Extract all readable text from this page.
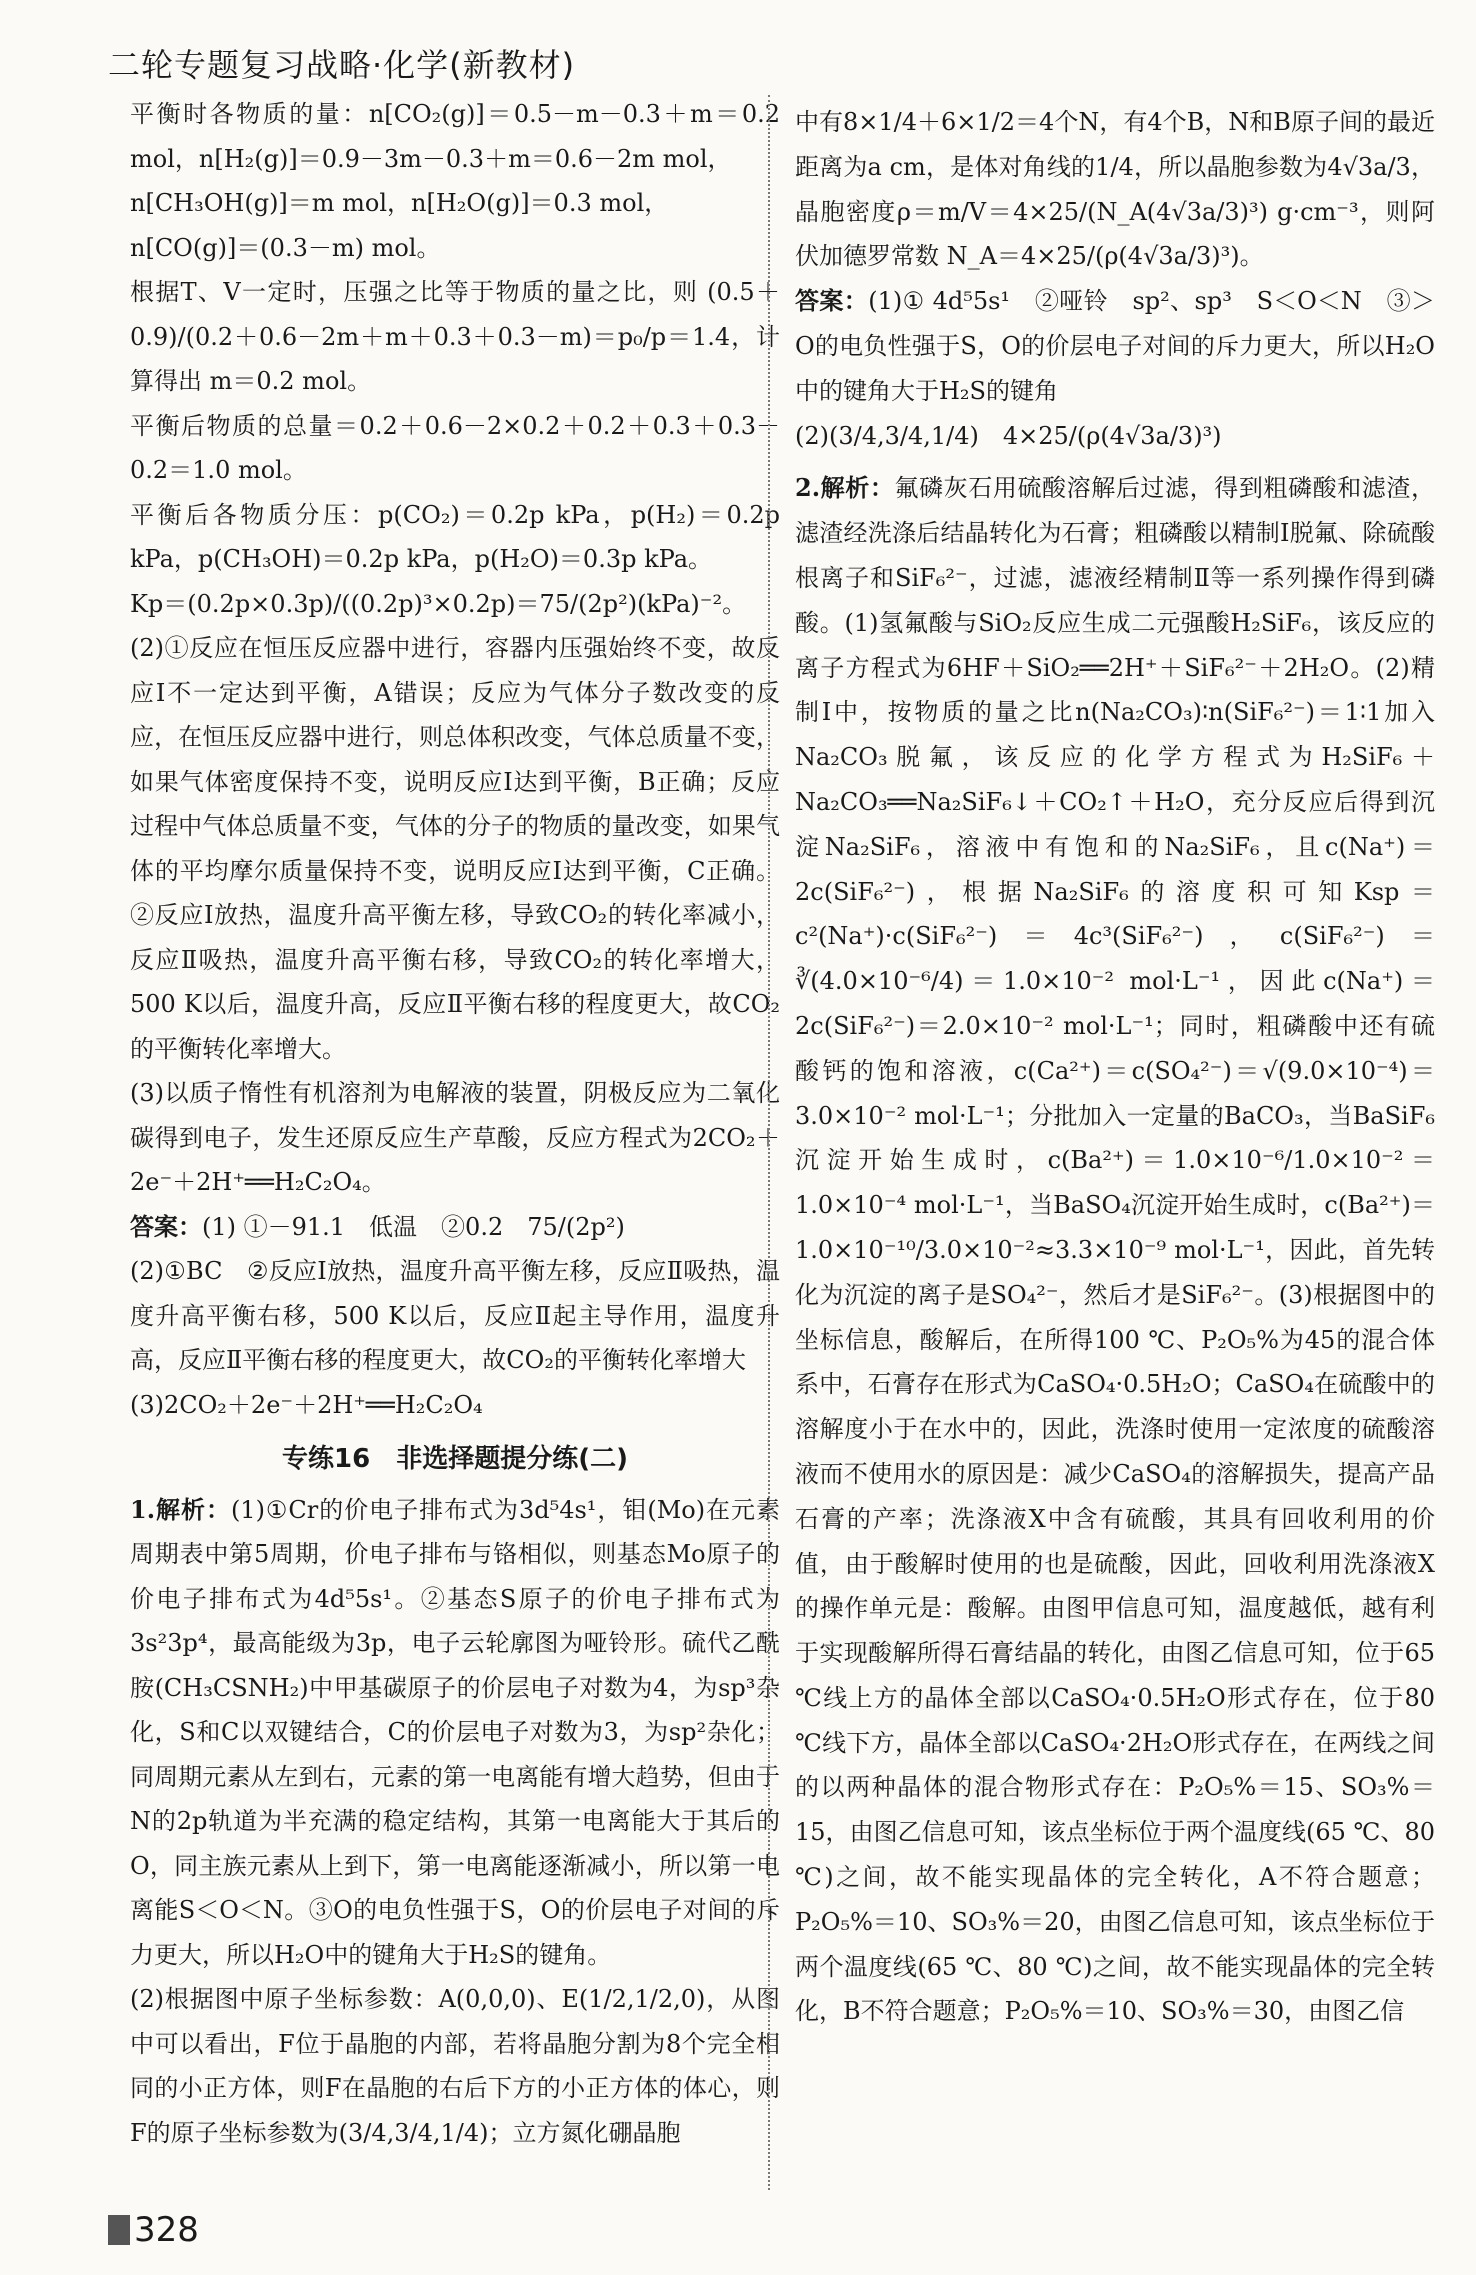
二轮专题复习战略·化学(新教材)

平衡时各物质的量：n[CO₂(g)]＝0.5－m－0.3＋m＝0.2 mol，n[H₂(g)]＝0.9－3m－0.3＋m＝0.6－2m mol，

n[CH₃OH(g)]＝m mol，n[H₂O(g)]＝0.3 mol，

n[CO(g)]＝(0.3－m) mol。

根据T、V一定时，压强之比等于物质的量之比，则 (0.5＋0.9)/(0.2＋0.6－2m＋m＋0.3＋0.3－m)＝p₀/p＝1.4，计算得出 m＝0.2 mol。

平衡后物质的总量＝0.2＋0.6－2×0.2＋0.2＋0.3＋0.3－0.2＝1.0 mol。

平衡后各物质分压：p(CO₂)＝0.2p kPa，p(H₂)＝0.2p kPa，p(CH₃OH)＝0.2p kPa，p(H₂O)＝0.3p kPa。

Kp＝(0.2p×0.3p)/((0.2p)³×0.2p)＝75/(2p²)(kPa)⁻²。

(2)①反应在恒压反应器中进行，容器内压强始终不变，故反应Ⅰ不一定达到平衡，A错误；反应为气体分子数改变的反应，在恒压反应器中进行，则总体积改变，气体总质量不变，如果气体密度保持不变，说明反应Ⅰ达到平衡，B正确；反应过程中气体总质量不变，气体的分子的物质的量改变，如果气体的平均摩尔质量保持不变，说明反应Ⅰ达到平衡，C正确。②反应Ⅰ放热，温度升高平衡左移，导致CO₂的转化率减小，反应Ⅱ吸热，温度升高平衡右移，导致CO₂的转化率增大，500 K以后，温度升高，反应Ⅱ平衡右移的程度更大，故CO₂的平衡转化率增大。

(3)以质子惰性有机溶剂为电解液的装置，阴极反应为二氧化碳得到电子，发生还原反应生产草酸，反应方程式为2CO₂＋2e⁻＋2H⁺══H₂C₂O₄。

答案：(1) ①－91.1　低温　②0.2　75/(2p²)

(2)①BC　②反应Ⅰ放热，温度升高平衡左移，反应Ⅱ吸热，温度升高平衡右移，500 K以后，反应Ⅱ起主导作用，温度升高，反应Ⅱ平衡右移的程度更大，故CO₂的平衡转化率增大

(3)2CO₂＋2e⁻＋2H⁺══H₂C₂O₄

专练16　非选择题提分练(二)

1.解析：(1)①Cr的价电子排布式为3d⁵4s¹，钼(Mo)在元素周期表中第5周期，价电子排布与铬相似，则基态Mo原子的价电子排布式为4d⁵5s¹。②基态S原子的价电子排布式为3s²3p⁴，最高能级为3p，电子云轮廓图为哑铃形。硫代乙酰胺(CH₃CSNH₂)中甲基碳原子的价层电子对数为4，为sp³杂化，S和C以双键结合，C的价层电子对数为3，为sp²杂化；同周期元素从左到右，元素的第一电离能有增大趋势，但由于N的2p轨道为半充满的稳定结构，其第一电离能大于其后的O，同主族元素从上到下，第一电离能逐渐减小，所以第一电离能S＜O＜N。③O的电负性强于S，O的价层电子对间的斥力更大，所以H₂O中的键角大于H₂S的键角。

(2)根据图中原子坐标参数：A(0,0,0)、E(1/2,1/2,0)，从图中可以看出，F位于晶胞的内部，若将晶胞分割为8个完全相同的小正方体，则F在晶胞的右后下方的小正方体的体心，则F的原子坐标参数为(3/4,3/4,1/4)；立方氮化硼晶胞

中有8×1/4＋6×1/2＝4个N，有4个B，N和B原子间的最近距离为a cm，是体对角线的1/4，所以晶胞参数为4√3a/3，晶胞密度ρ＝m/V＝4×25/(N_A(4√3a/3)³) g·cm⁻³，则阿伏加德罗常数 N_A＝4×25/(ρ(4√3a/3)³)。

答案：(1)① 4d⁵5s¹　②哑铃　sp²、sp³　S＜O＜N　③＞　O的电负性强于S，O的价层电子对间的斥力更大，所以H₂O中的键角大于H₂S的键角

(2)(3/4,3/4,1/4)　4×25/(ρ(4√3a/3)³)

2.解析：氟磷灰石用硫酸溶解后过滤，得到粗磷酸和滤渣，滤渣经洗涤后结晶转化为石膏；粗磷酸以精制Ⅰ脱氟、除硫酸根离子和SiF₆²⁻，过滤，滤液经精制Ⅱ等一系列操作得到磷酸。(1)氢氟酸与SiO₂反应生成二元强酸H₂SiF₆，该反应的离子方程式为6HF＋SiO₂══2H⁺＋SiF₆²⁻＋2H₂O。(2)精制Ⅰ中，按物质的量之比n(Na₂CO₃)∶n(SiF₆²⁻)＝1∶1加入Na₂CO₃脱氟，该反应的化学方程式为H₂SiF₆＋Na₂CO₃══Na₂SiF₆↓＋CO₂↑＋H₂O，充分反应后得到沉淀Na₂SiF₆，溶液中有饱和的Na₂SiF₆，且c(Na⁺)＝2c(SiF₆²⁻)，根据Na₂SiF₆的溶度积可知Ksp＝c²(Na⁺)·c(SiF₆²⁻)＝4c³(SiF₆²⁻)，c(SiF₆²⁻)＝∛(4.0×10⁻⁶/4)＝1.0×10⁻² mol·L⁻¹，因此c(Na⁺)＝2c(SiF₆²⁻)＝2.0×10⁻² mol·L⁻¹；同时，粗磷酸中还有硫酸钙的饱和溶液，c(Ca²⁺)＝c(SO₄²⁻)＝√(9.0×10⁻⁴)＝3.0×10⁻² mol·L⁻¹；分批加入一定量的BaCO₃，当BaSiF₆沉淀开始生成时，c(Ba²⁺)＝1.0×10⁻⁶/1.0×10⁻²＝1.0×10⁻⁴ mol·L⁻¹，当BaSO₄沉淀开始生成时，c(Ba²⁺)＝1.0×10⁻¹⁰/3.0×10⁻²≈3.3×10⁻⁹ mol·L⁻¹，因此，首先转化为沉淀的离子是SO₄²⁻，然后才是SiF₆²⁻。(3)根据图中的坐标信息，酸解后，在所得100 ℃、P₂O₅%为45的混合体系中，石膏存在形式为CaSO₄·0.5H₂O；CaSO₄在硫酸中的溶解度小于在水中的，因此，洗涤时使用一定浓度的硫酸溶液而不使用水的原因是：减少CaSO₄的溶解损失，提高产品石膏的产率；洗涤液X中含有硫酸，其具有回收利用的价值，由于酸解时使用的也是硫酸，因此，回收利用洗涤液X的操作单元是：酸解。由图甲信息可知，温度越低，越有利于实现酸解所得石膏结晶的转化，由图乙信息可知，位于65 ℃线上方的晶体全部以CaSO₄·0.5H₂O形式存在，位于80 ℃线下方，晶体全部以CaSO₄·2H₂O形式存在，在两线之间的以两种晶体的混合物形式存在：P₂O₅%＝15、SO₃%＝15，由图乙信息可知，该点坐标位于两个温度线(65 ℃、80 ℃)之间，故不能实现晶体的完全转化，A不符合题意；P₂O₅%＝10、SO₃%＝20，由图乙信息可知，该点坐标位于两个温度线(65 ℃、80 ℃)之间，故不能实现晶体的完全转化，B不符合题意；P₂O₅%＝10、SO₃%＝30，由图乙信

328
